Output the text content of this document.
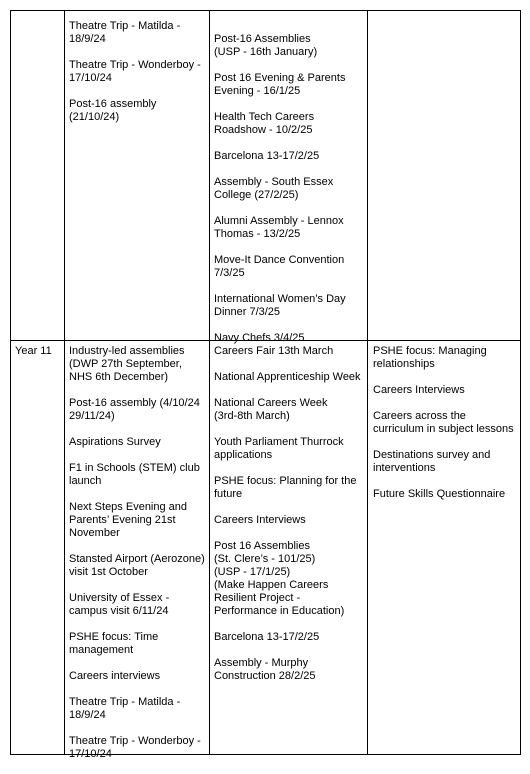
Year 11
Theatre Trip - Matilda -
18/9/24
Theatre Trip - Wonderboy -
17/10/24
Post-16 assembly
(21/10/24)
Post-16 Assemblies
(USP - 16th January)
Post 16 Evening & Parents
Evening - 16/1/25
Health Tech Careers
Roadshow - 10/2/25
Barcelona 13-17/2/25
Assembly - South Essex
College (27/2/25)
Alumni Assembly - Lennox
Thomas - 13/2/25
Move-It Dance Convention
7/3/25
International Women’s Day
Dinner 7/3/25
Navy Chefs 3/4/25
Industry-led assemblies
(DWP 27th September,
NHS 6th December)
Post-16 assembly (4/10/24
29/11/24)
Aspirations Survey
F1 in Schools (STEM) club
launch
Next Steps Evening and
Parents’ Evening 21st
November
Stansted Airport (Aerozone)
visit 1st October
University of Essex -
campus visit 6/11/24
PSHE focus: Time
management
Careers interviews
Theatre Trip - Matilda -
18/9/24
Theatre Trip - Wonderboy -
17/10/24
Careers Fair 13th March
National Apprenticeship Week
National Careers Week
(3rd-8th March)
Youth Parliament Thurrock
applications
PSHE focus: Planning for the
future
Careers Interviews
Post 16 Assemblies
(St. Clere’s - 101/25)
(USP - 17/1/25)
(Make Happen Careers
Resilient Project -
Performance in Education)
Barcelona 13-17/2/25
Assembly - Murphy
Construction 28/2/25
PSHE focus: Managing
relationships
Careers Interviews
Careers across the
curriculum in subject lessons
Destinations survey and
interventions
Future Skills Questionnaire
